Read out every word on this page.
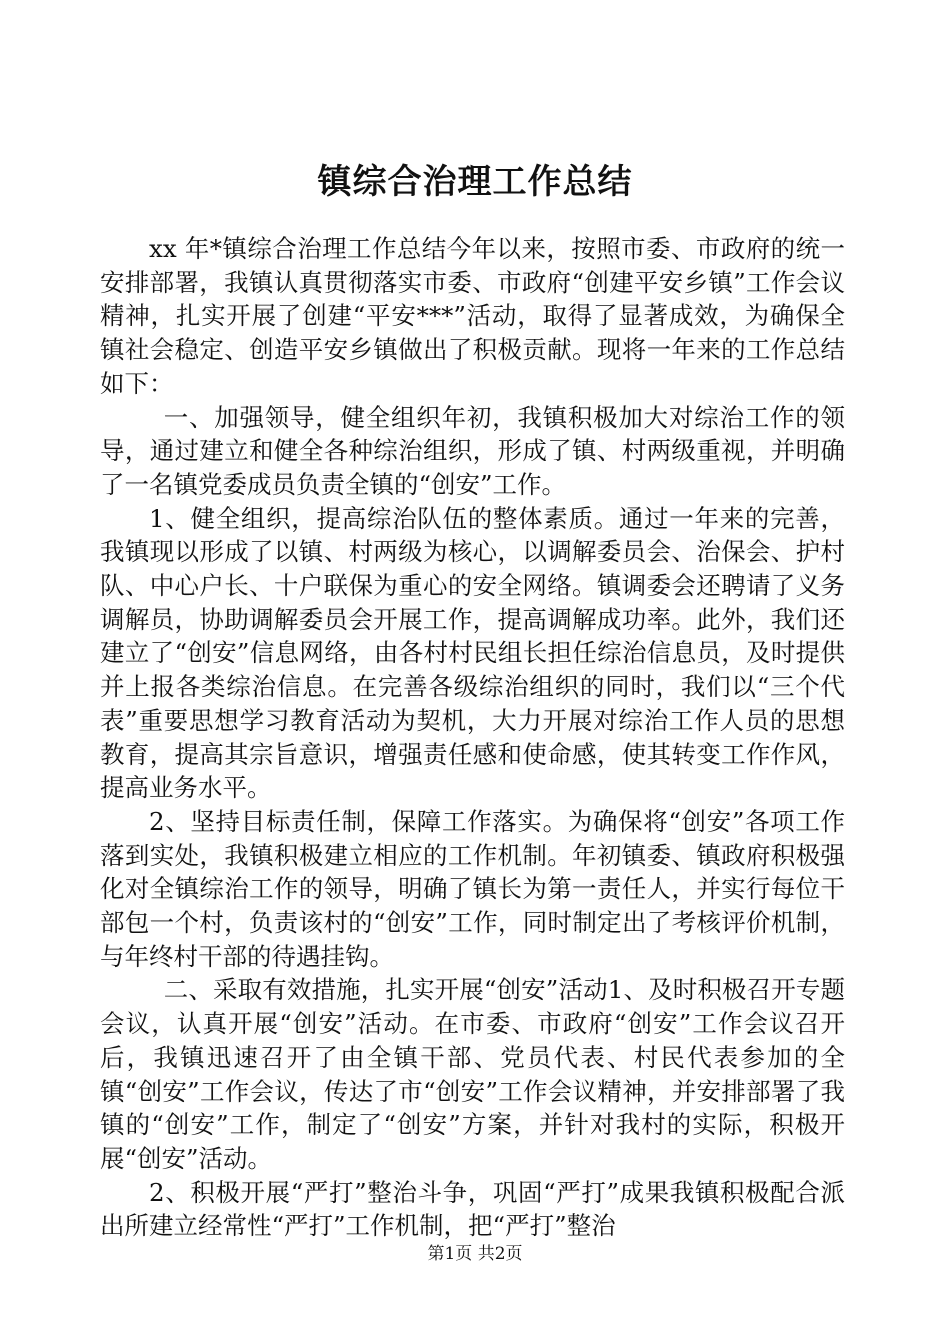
镇综合治理工作总结

xx 年*镇综合治理工作总结今年以来，按照市委、市政府的统一安排部署，我镇认真贯彻落实市委、市政府“创建平安乡镇”工作会议精神，扎实开展了创建“平安***”活动，取得了显著成效，为确保全镇社会稳定、创造平安乡镇做出了积极贡献。现将一年来的工作总结如下：

一、加强领导，健全组织年初，我镇积极加大对综治工作的领导，通过建立和健全各种综治组织，形成了镇、村两级重视，并明确了一名镇党委成员负责全镇的“创安”工作。

1、健全组织，提高综治队伍的整体素质。通过一年来的完善，我镇现以形成了以镇、村两级为核心，以调解委员会、治保会、护村队、中心户长、十户联保为重心的安全网络。镇调委会还聘请了义务调解员，协助调解委员会开展工作，提高调解成功率。此外，我们还建立了“创安”信息网络，由各村村民组长担任综治信息员，及时提供并上报各类综治信息。在完善各级综治组织的同时，我们以“三个代表”重要思想学习教育活动为契机，大力开展对综治工作人员的思想教育，提高其宗旨意识，增强责任感和使命感，使其转变工作作风，提高业务水平。

2、坚持目标责任制，保障工作落实。为确保将“创安”各项工作落到实处，我镇积极建立相应的工作机制。年初镇委、镇政府积极强化对全镇综治工作的领导，明确了镇长为第一责任人，并实行每位干部包一个村，负责该村的“创安”工作，同时制定出了考核评价机制，与年终村干部的待遇挂钩。

二、采取有效措施，扎实开展“创安”活动1、及时积极召开专题会议，认真开展“创安”活动。在市委、市政府“创安”工作会议召开后，我镇迅速召开了由全镇干部、党员代表、村民代表参加的全镇“创安”工作会议，传达了市“创安”工作会议精神，并安排部署了我镇的“创安”工作，制定了“创安”方案，并针对我村的实际，积极开展“创安”活动。

2、积极开展“严打”整治斗争，巩固“严打”成果我镇积极配合派出所建立经常性“严打”工作机制，把“严打”整治

第1页 共2页
